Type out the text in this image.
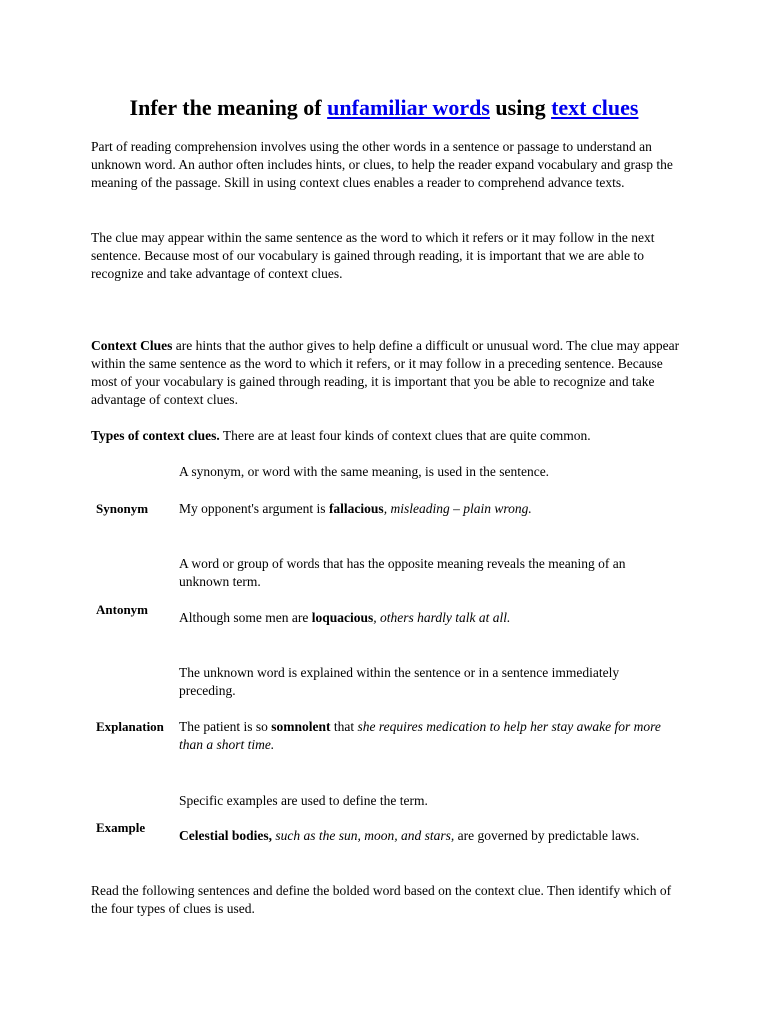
Infer the meaning of unfamiliar words using text clues

Part of reading comprehension involves using the other words in a sentence or passage to understand an unknown word. An author often includes hints, or clues, to help the reader expand vocabulary and grasp the meaning of the passage. Skill in using context clues enables a reader to comprehend advance texts.

The clue may appear within the same sentence as the word to which it refers or it may follow in the next sentence. Because most of our vocabulary is gained through reading, it is important that we are able to recognize and take advantage of context clues.

Context Clues are hints that the author gives to help define a difficult or unusual word. The clue may appear within the same sentence as the word to which it refers, or it may follow in a preceding sentence. Because most of your vocabulary is gained through reading, it is important that you be able to recognize and take advantage of context clues.

Types of context clues. There are at least four kinds of context clues that are quite common.

Synonym

A synonym, or word with the same meaning, is used in the sentence.

My opponent's argument is fallacious, misleading – plain wrong.

Antonym

A word or group of words that has the opposite meaning reveals the meaning of an unknown term.

Although some men are loquacious, others hardly talk at all.

Explanation

The unknown word is explained within the sentence or in a sentence immediately preceding.

The patient is so somnolent that she requires medication to help her stay awake for more than a short time.

Example

Specific examples are used to define the term.

Celestial bodies, such as the sun, moon, and stars, are governed by predictable laws.

Read the following sentences and define the bolded word based on the context clue. Then identify which of the four types of clues is used.
